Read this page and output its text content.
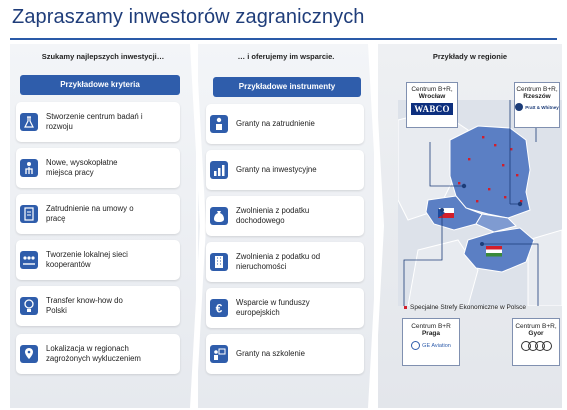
Zapraszamy inwestorów zagranicznych
Szukamy najlepszych inwestycji…	… i oferujemy im wsparcie.	Przykłady w regionie
Przykładowe kryteria	Przykładowe instrumenty
Stworzenie centrum badań i
rozwoju
Nowe, wysokopłatne
miejsca pracy
Zatrudnienie na umowy o
pracę
Tworzenie lokalnej sieci
kooperantów
Transfer know-how do
Polski
Lokalizacja w regionach
zagrożonych wykluczeniem
Granty na zatrudnienie
Granty na inwestycyjne
Zwolnienia z podatku
dochodowego
Zwolnienia z podatku od
nieruchomości
€ Wsparcie w funduszy
europejskich
Granty na szkolenie
Centrum B+R,
Wrocław
WABCO
Centrum B+R,
Rzeszów
Pratt & Whitney
Centrum B+R
Praga
GE Aviation
Centrum B+R,
Gyor
Specjalne Strefy Ekonomiczne w Polsce
